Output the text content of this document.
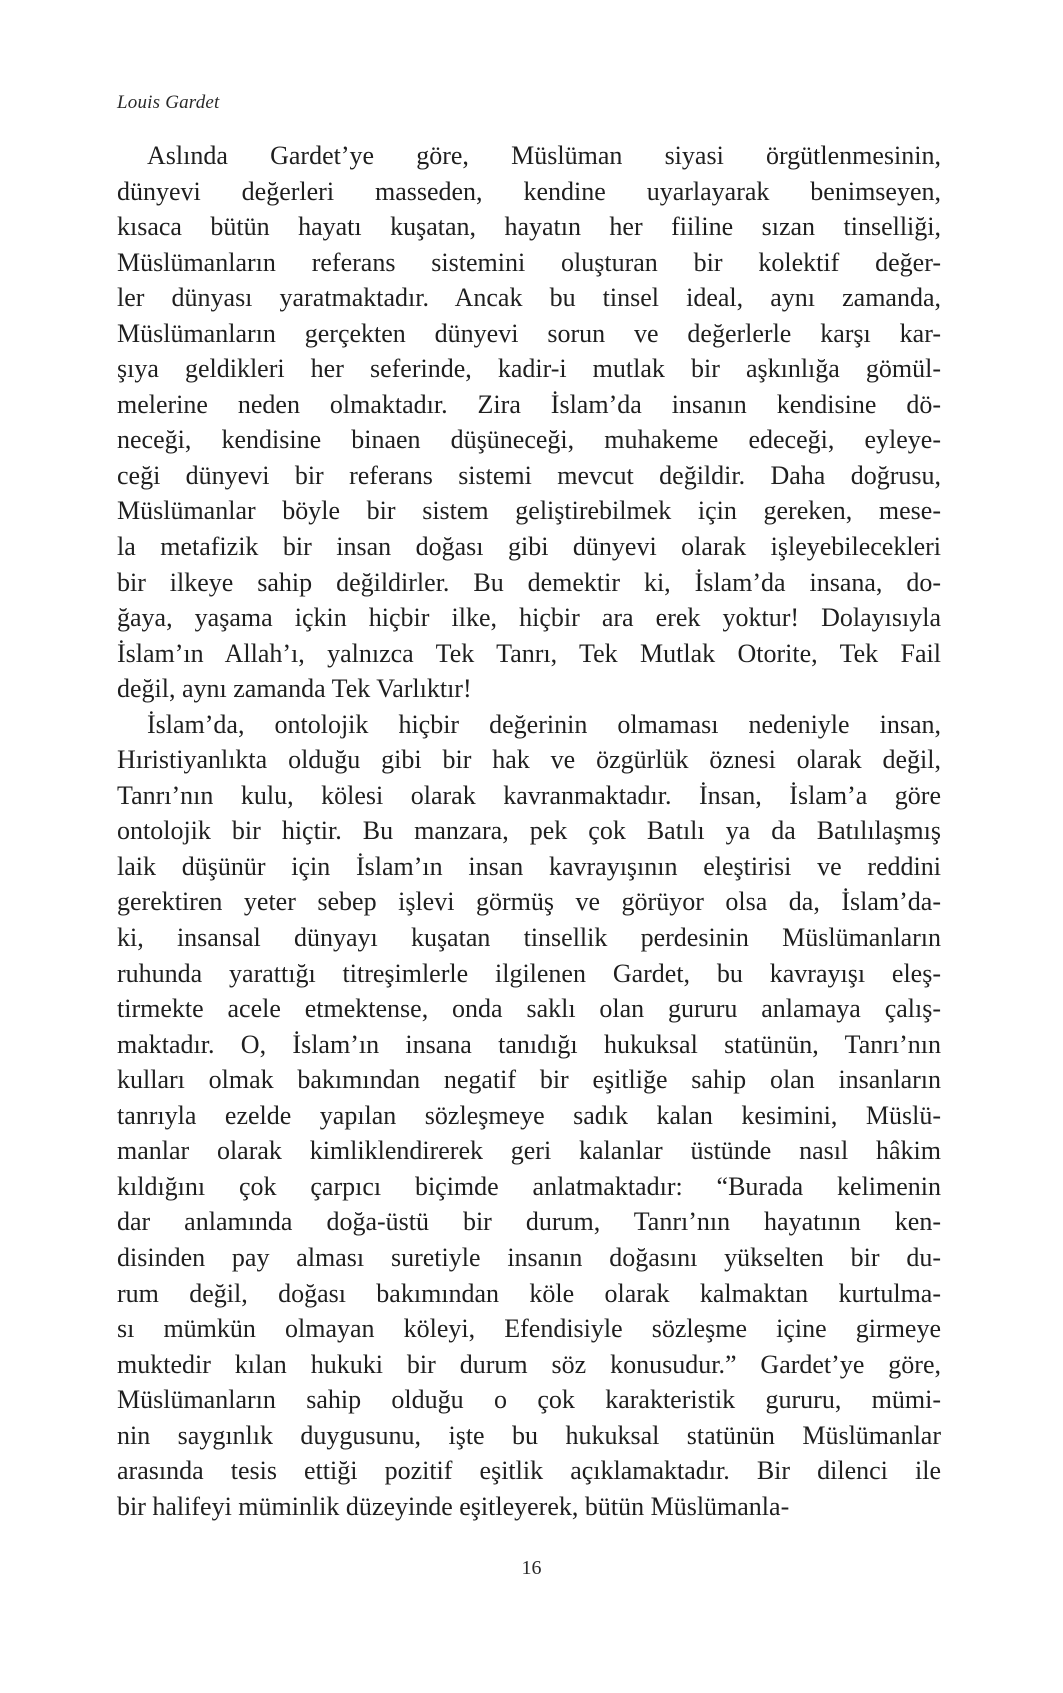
Louis Gardet
Aslında Gardet’ye göre, Müslüman siyasi örgütlenmesinin,
dünyevi değerleri masseden, kendine uyarlayarak benimseyen,
kısaca bütün hayatı kuşatan, hayatın her fiiline sızan tinselliği,
Müslümanların referans sistemini oluşturan bir kolektif değer-
ler dünyası yaratmaktadır. Ancak bu tinsel ideal, aynı zamanda,
Müslümanların gerçekten dünyevi sorun ve değerlerle karşı kar-
şıya geldikleri her seferinde, kadir-i mutlak bir aşkınlığa gömül-
melerine neden olmaktadır. Zira İslam’da insanın kendisine dö-
neceği, kendisine binaen düşüneceği, muhakeme edeceği, eyleye-
ceği dünyevi bir referans sistemi mevcut değildir. Daha doğrusu,
Müslümanlar böyle bir sistem geliştirebilmek için gereken, mese-
la metafizik bir insan doğası gibi dünyevi olarak işleyebilecekleri
bir ilkeye sahip değildirler. Bu demektir ki, İslam’da insana, do-
ğaya, yaşama içkin hiçbir ilke, hiçbir ara erek yoktur! Dolayısıyla
İslam’ın Allah’ı, yalnızca Tek Tanrı, Tek Mutlak Otorite, Tek Fail
değil, aynı zamanda Tek Varlıktır!
İslam’da, ontolojik hiçbir değerinin olmaması nedeniyle insan,
Hıristiyanlıkta olduğu gibi bir hak ve özgürlük öznesi olarak değil,
Tanrı’nın kulu, kölesi olarak kavranmaktadır. İnsan, İslam’a göre
ontolojik bir hiçtir. Bu manzara, pek çok Batılı ya da Batılılaşmış
laik düşünür için İslam’ın insan kavrayışının eleştirisi ve reddini
gerektiren yeter sebep işlevi görmüş ve görüyor olsa da, İslam’da-
ki, insansal dünyayı kuşatan tinsellik perdesinin Müslümanların
ruhunda yarattığı titreşimlerle ilgilenen Gardet, bu kavrayışı eleş-
tirmekte acele etmektense, onda saklı olan gururu anlamaya çalış-
maktadır. O, İslam’ın insana tanıdığı hukuksal statünün, Tanrı’nın
kulları olmak bakımından negatif bir eşitliğe sahip olan insanların
tanrıyla ezelde yapılan sözleşmeye sadık kalan kesimini, Müslü-
manlar olarak kimliklendirerek geri kalanlar üstünde nasıl hâkim
kıldığını çok çarpıcı biçimde anlatmaktadır: “Burada kelimenin
dar anlamında doğa-üstü bir durum, Tanrı’nın hayatının ken-
disinden pay alması suretiyle insanın doğasını yükselten bir du-
rum değil, doğası bakımından köle olarak kalmaktan kurtulma-
sı mümkün olmayan köleyi, Efendisiyle sözleşme içine girmeye
muktedir kılan hukuki bir durum söz konusudur.” Gardet’ye göre,
Müslümanların sahip olduğu o çok karakteristik gururu, mümi-
nin saygınlık duygusunu, işte bu hukuksal statünün Müslümanlar
arasında tesis ettiği pozitif eşitlik açıklamaktadır. Bir dilenci ile
bir halifeyi müminlik düzeyinde eşitleyerek, bütün Müslümanla-
16
